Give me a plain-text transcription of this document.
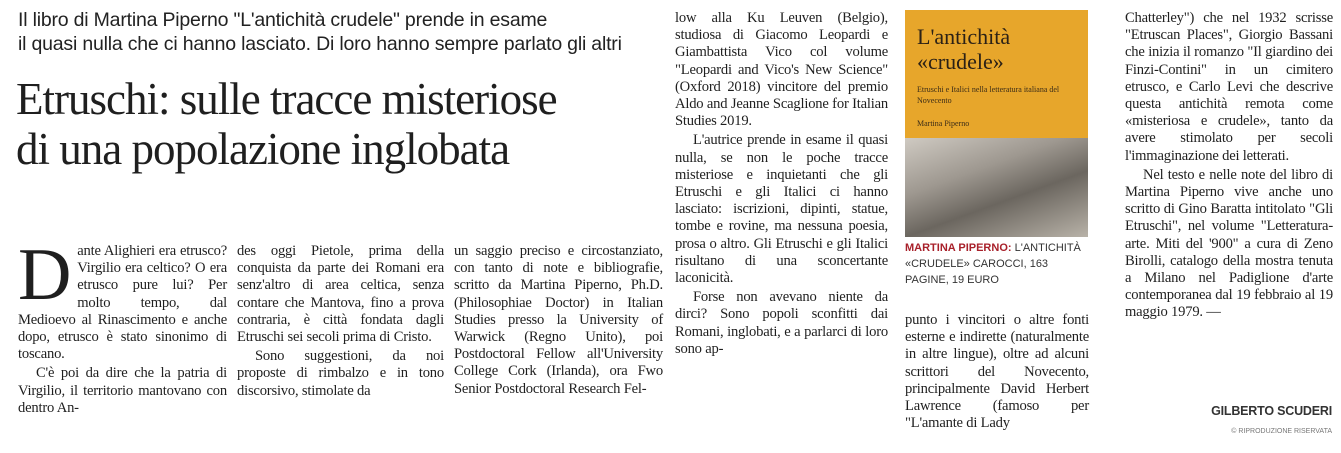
Il libro di Martina Piperno "L'antichità crudele" prende in esame
il quasi nulla che ci hanno lasciato. Di loro hanno sempre parlato gli altri
Etruschi: sulle tracce misteriose
di una popolazione inglobata
D ante Alighieri era etrusco? Virgilio era celtico? O era etrusco pure lui? Per molto tempo, dal Medioevo al Rinascimento e anche dopo, etrusco è stato sinonimo di toscano.

C'è poi da dire che la patria di Virgilio, il territorio mantovano con dentro An-

des oggi Pietole, prima della conquista da parte dei Romani era senz'altro di area celtica, senza contare che Mantova, fino a prova contraria, è città fondata dagli Etruschi sei secoli prima di Cristo.

Sono suggestioni, da noi proposte di rimbalzo e in tono discorsivo, stimolate da

un saggio preciso e circostanziato, con tanto di note e bibliografie, scritto da Martina Piperno, Ph.D. (Philosophiae Doctor) in Italian Studies presso la University of Warwick (Regno Unito), poi Postdoctoral Fellow all'University College Cork (Irlanda), ora Fwo Senior Postdoctoral Research Fel-

low alla Ku Leuven (Belgio), studiosa di Giacomo Leopardi e Giambattista Vico col volume "Leopardi and Vico's New Science" (Oxford 2018) vincitore del premio Aldo and Jeanne Scaglione for Italian Studies 2019.

L'autrice prende in esame il quasi nulla, se non le poche tracce misteriose e inquietanti che gli Etruschi e gli Italici ci hanno lasciato: iscrizioni, dipinti, statue, tombe e rovine, ma nessuna poesia, prosa o altro. Gli Etruschi e gli Italici risultano di una sconcertante laconicità.

Forse non avevano niente da dirci? Sono popoli sconfitti dai Romani, inglobati, e a parlarci di loro sono ap-

L'antichità
«crudele»
Etruschi e Italici nella letteratura italiana del Novecento
Martina Piperno
MARTINA PIPERNO: L'ANTICHITÀ «CRUDELE» CAROCCI, 163 PAGINE, 19 EURO

punto i vincitori o altre fonti esterne e indirette (naturalmente in altre lingue), oltre ad alcuni scrittori del Novecento, principalmente David Herbert Lawrence (famoso per "L'amante di Lady

Chatterley") che nel 1932 scrisse "Etruscan Places", Giorgio Bassani che inizia il romanzo "Il giardino dei Finzi-Contini" in un cimitero etrusco, e Carlo Levi che descrive questa antichità remota come «misteriosa e crudele», tanto da avere stimolato per secoli l'immaginazione dei letterati.

Nel testo e nelle note del libro di Martina Piperno vive anche uno scritto di Gino Baratta intitolato "Gli Etruschi", nel volume "Letteratura-arte. Miti del '900" a cura di Zeno Birolli, catalogo della mostra tenuta a Milano nel Padiglione d'arte contemporanea dal 19 febbraio al 19 maggio 1979. —

GILBERTO SCUDERI
© RIPRODUZIONE RISERVATA
